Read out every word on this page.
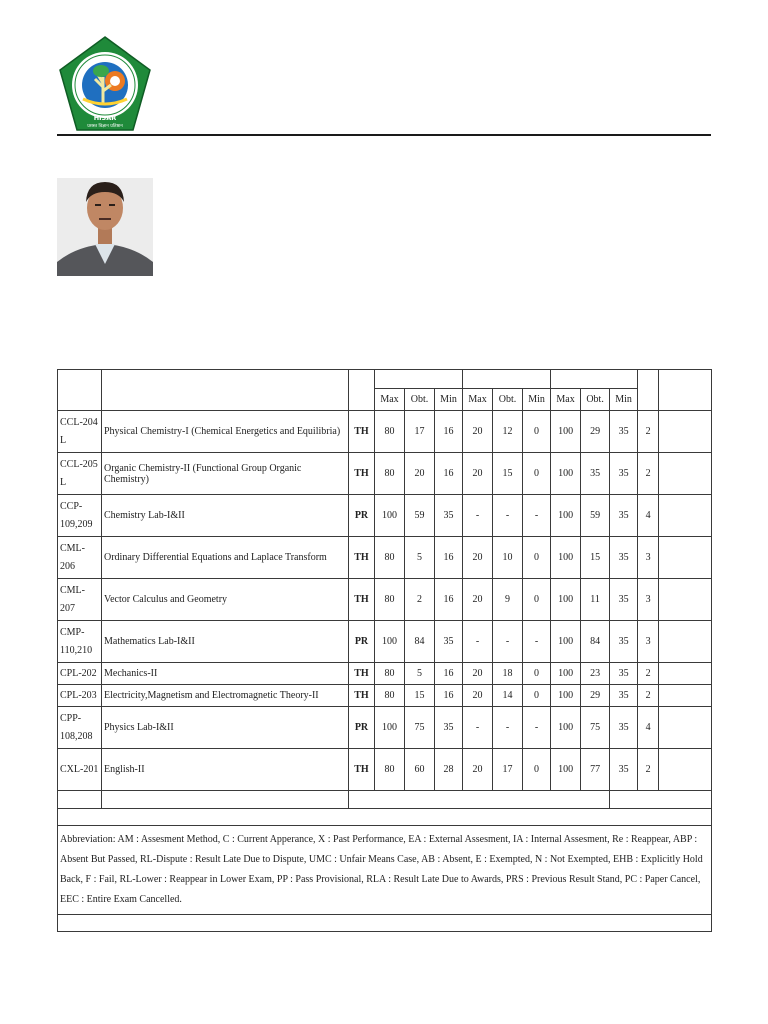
HISAR
प्रशस्त विज्ञान प्रतिष्ठान

			Max	Obt.	Min	Max	Obt.	Min	Max	Obt.	Min		
CCL-204 L	Physical Chemistry-I (Chemical Energetics and Equilibria)	TH	80	17	16	20	12	0	100	29	35	2	
CCL-205 L	Organic Chemistry-II (Functional Group Organic Chemistry)	TH	80	20	16	20	15	0	100	35	35	2	
CCP-109,209	Chemistry Lab-I&II	PR	100	59	35	-	-	-	100	59	35	4	
CML-206	Ordinary Differential Equations and Laplace Transform	TH	80	5	16	20	10	0	100	15	35	3	
CML-207	Vector Calculus and Geometry	TH	80	2	16	20	9	0	100	11	35	3	
CMP-110,210	Mathematics Lab-I&II	PR	100	84	35	-	-	-	100	84	35	3	
CPL-202	Mechanics-II	TH	80	5	16	20	18	0	100	23	35	2	
CPL-203	Electricity,Magnetism and Electromagnetic Theory-II	TH	80	15	16	20	14	0	100	29	35	2	
CPP-108,208	Physics Lab-I&II	PR	100	75	35	-	-	-	100	75	35	4	
CXL-201	English-II	TH	80	60	28	20	17	0	100	77	35	2	

Abbreviation: AM : Assesment Method, C : Current Apperance, X : Past Performance, EA : External Assesment, IA : Internal Assesment, Re : Reappear, ABP : Absent But Passed, RL-Dispute : Result Late Due to Dispute, UMC : Unfair Means Case, AB : Absent, E : Exempted, N : Not Exempted, EHB : Explicitly Hold Back, F : Fail, RL-Lower : Reappear in Lower Exam, PP : Pass Provisional, RLA : Result Late Due to Awards, PRS : Previous Result Stand, PC : Paper Cancel, EEC : Entire Exam Cancelled.													
